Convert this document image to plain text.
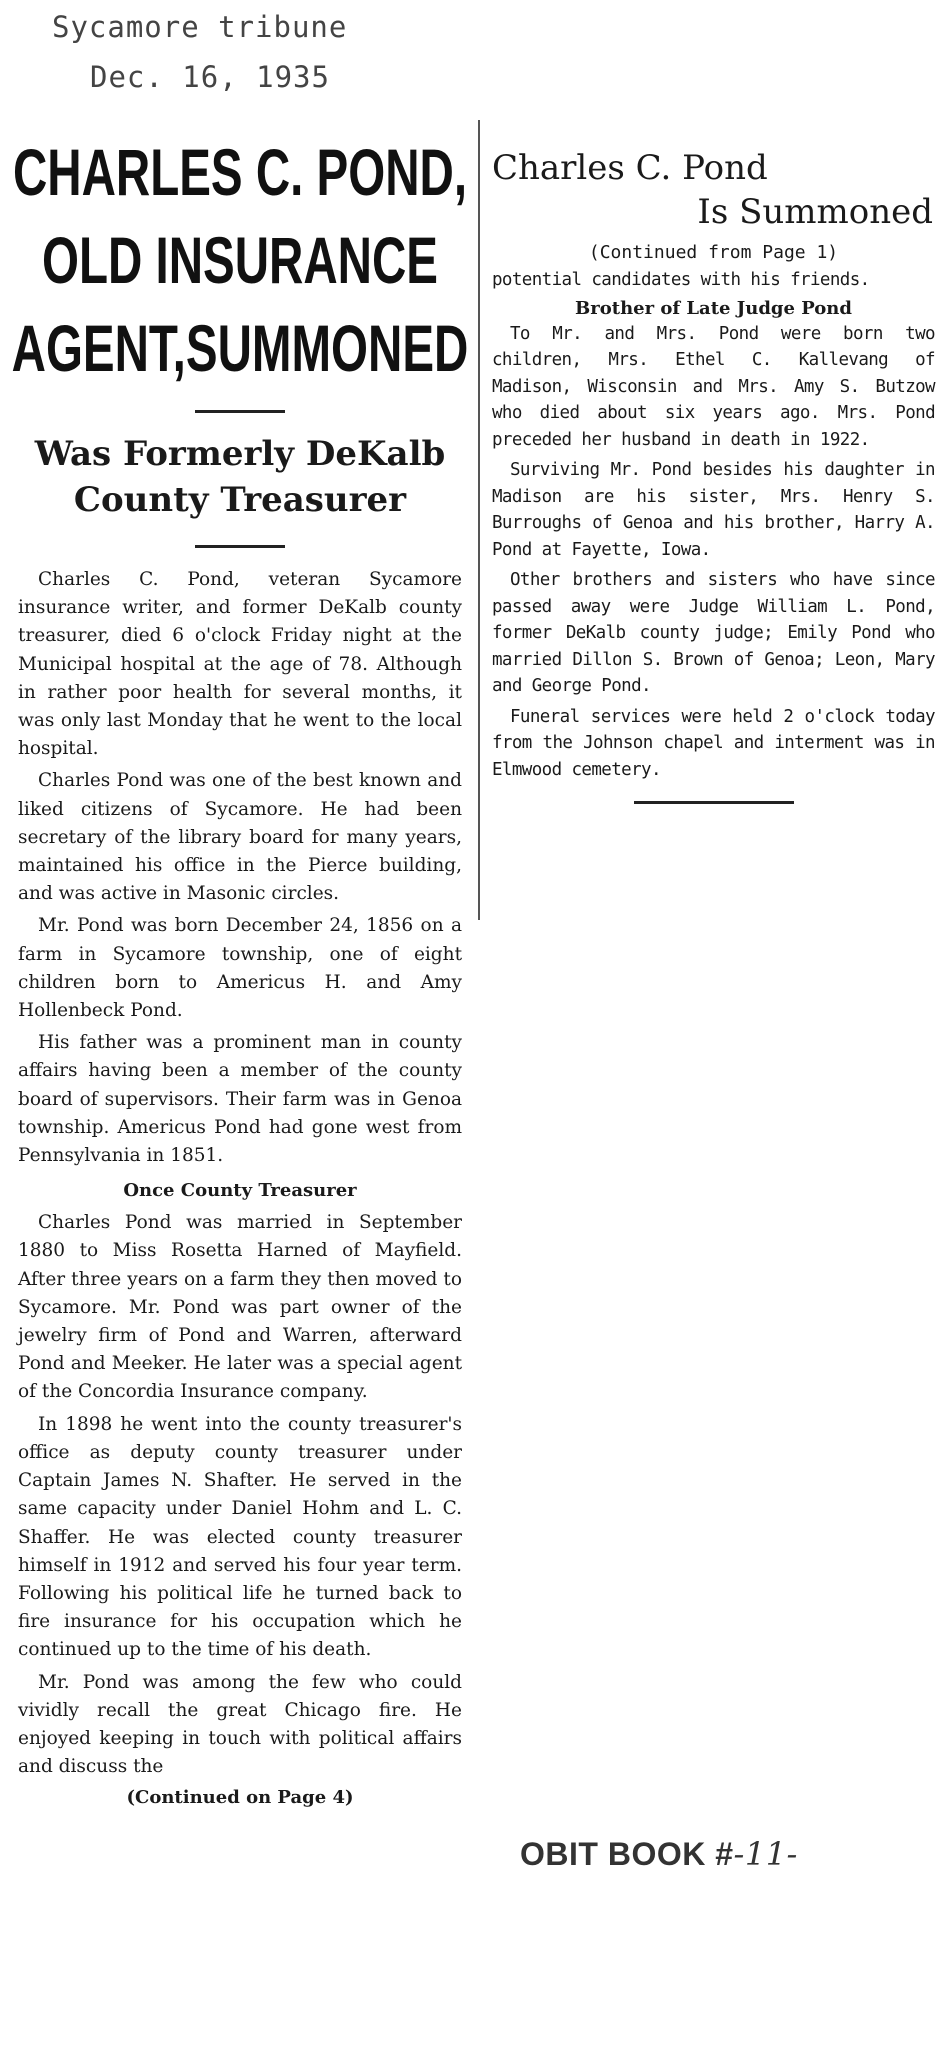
Sycamore tribune
Dec. 16, 1935
CHARLES C. POND,
OLD INSURANCE
AGENT,SUMMONED
Was Formerly DeKalb
County Treasurer

Charles C. Pond, veteran Sycamore insurance writer, and former DeKalb county treasurer, died 6 o'clock Friday night at the Municipal hospital at the age of 78. Although in rather poor health for several months, it was only last Monday that he went to the local hospital.

Charles Pond was one of the best known and liked citizens of Sycamore. He had been secretary of the library board for many years, maintained his office in the Pierce building, and was active in Masonic circles.

Mr. Pond was born December 24, 1856 on a farm in Sycamore township, one of eight children born to Americus H. and Amy Hollenbeck Pond.

His father was a prominent man in county affairs having been a member of the county board of supervisors. Their farm was in Genoa township. Americus Pond had gone west from Pennsylvania in 1851.

Once County Treasurer

Charles Pond was married in September 1880 to Miss Rosetta Harned of Mayfield. After three years on a farm they then moved to Sycamore. Mr. Pond was part owner of the jewelry firm of Pond and Warren, afterward Pond and Meeker. He later was a special agent of the Concordia Insurance company.

In 1898 he went into the county treasurer's office as deputy county treasurer under Captain James N. Shafter. He served in the same capacity under Daniel Hohm and L. C. Shaffer. He was elected county treasurer himself in 1912 and served his four year term. Following his political life he turned back to fire insurance for his occupation which he continued up to the time of his death.

Mr. Pond was among the few who could vividly recall the great Chicago fire. He enjoyed keeping in touch with political affairs and discuss the

(Continued on Page 4)
Charles C. Pond
Is Summoned
(Continued from Page 1)

potential candidates with his friends.

Brother of Late Judge Pond

To Mr. and Mrs. Pond were born two children, Mrs. Ethel C. Kallevang of Madison, Wisconsin and Mrs. Amy S. Butzow who died about six years ago. Mrs. Pond preceded her husband in death in 1922.

Surviving Mr. Pond besides his daughter in Madison are his sister, Mrs. Henry S. Burroughs of Genoa and his brother, Harry A. Pond at Fayette, Iowa.

Other brothers and sisters who have since passed away were Judge William L. Pond, former DeKalb county judge; Emily Pond who married Dillon S. Brown of Genoa; Leon, Mary and George Pond.

Funeral services were held 2 o'clock today from the Johnson chapel and interment was in Elmwood cemetery.

OBIT BOOK #-11-
